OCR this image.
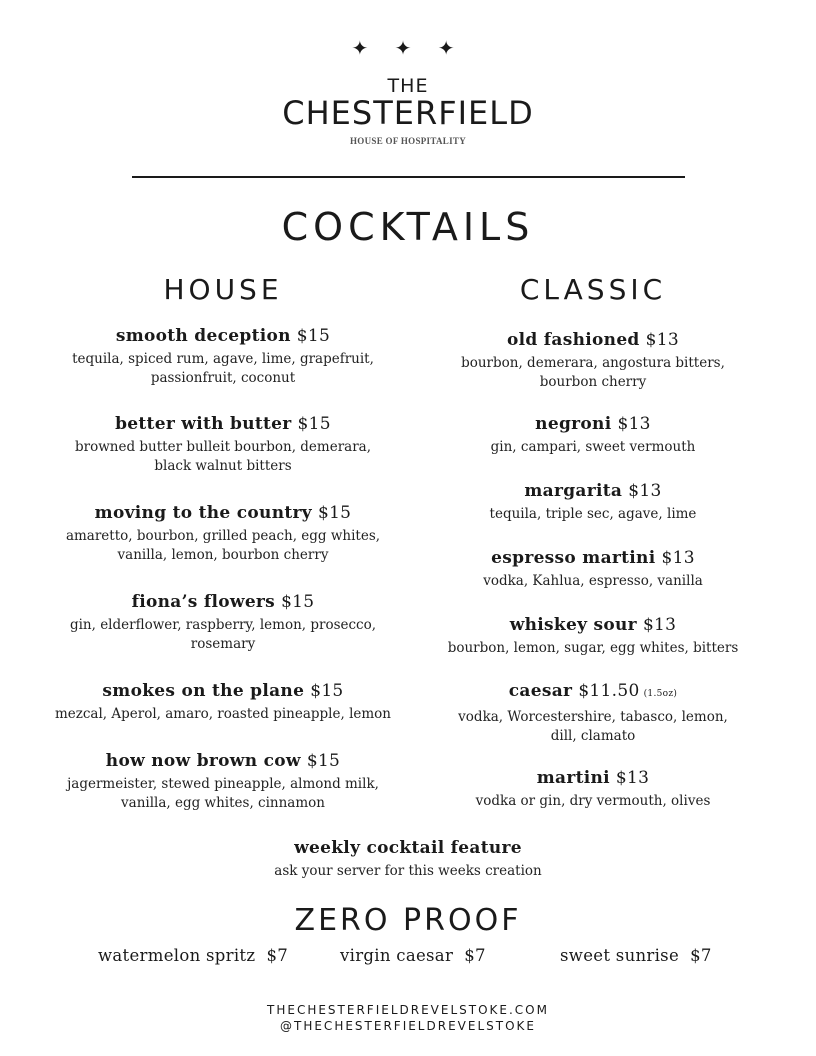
✦ ✦ ✦
THE
CHESTERFIELD
HOUSE OF HOSPITALITY
COCKTAILS
HOUSE	CLASSIC
smooth deception $15
tequila, spiced rum, agave, lime, grapefruit,
passionfruit, coconut
better with butter $15
browned butter bulleit bourbon, demerara,
black walnut bitters
moving to the country $15
amaretto, bourbon, grilled peach, egg whites,
vanilla, lemon, bourbon cherry
fiona’s flowers $15
gin, elderflower, raspberry, lemon, prosecco,
rosemary
smokes on the plane $15
mezcal, Aperol, amaro, roasted pineapple, lemon
how now brown cow $15
jagermeister, stewed pineapple, almond milk,
vanilla, egg whites, cinnamon
old fashioned $13
bourbon, demerara, angostura bitters,
bourbon cherry
negroni $13
gin, campari, sweet vermouth
margarita $13
tequila, triple sec, agave, lime
espresso martini $13
vodka, Kahlua, espresso, vanilla
whiskey sour $13
bourbon, lemon, sugar, egg whites, bitters
caesar $11.50 (1.5oz)
vodka, Worcestershire, tabasco, lemon,
dill, clamato
martini $13
vodka or gin, dry vermouth, olives
weekly cocktail feature
ask your server for this weeks creation
ZERO PROOF
watermelon spritz $7	virgin caesar $7	sweet sunrise $7
THECHESTERFIELDREVELSTOKE.COM
@THECHESTERFIELDREVELSTOKE
